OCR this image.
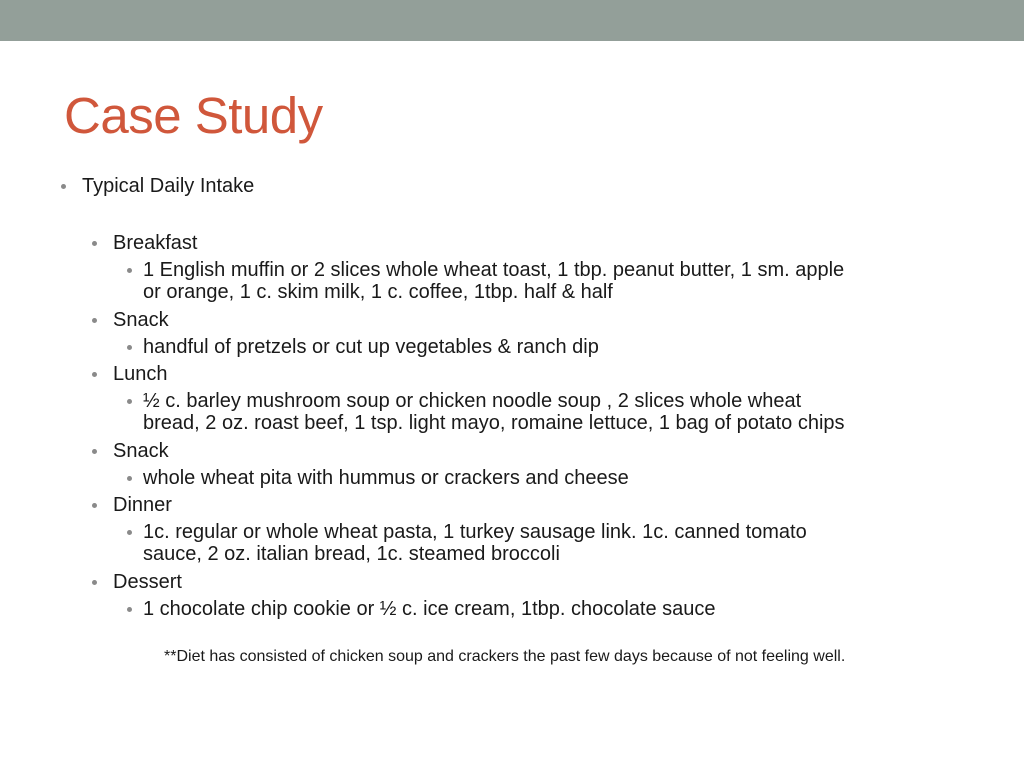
Case Study
Typical Daily Intake
Breakfast
1 English muffin or 2 slices whole wheat toast, 1 tbp. peanut butter, 1 sm. apple
or orange, 1 c. skim milk, 1 c. coffee, 1tbp. half & half
Snack
handful of pretzels or cut up vegetables & ranch dip
Lunch
½ c. barley mushroom soup or chicken noodle soup , 2 slices whole wheat
bread, 2 oz. roast beef, 1 tsp. light mayo, romaine lettuce, 1 bag of potato chips
Snack
whole wheat pita with hummus or crackers and cheese
Dinner
1c. regular or whole wheat pasta, 1 turkey sausage link. 1c. canned tomato
sauce, 2 oz. italian bread, 1c. steamed broccoli
Dessert
1 chocolate chip cookie or ½ c. ice cream, 1tbp. chocolate sauce
**Diet has consisted of chicken soup and crackers the past few days because of not feeling well.
